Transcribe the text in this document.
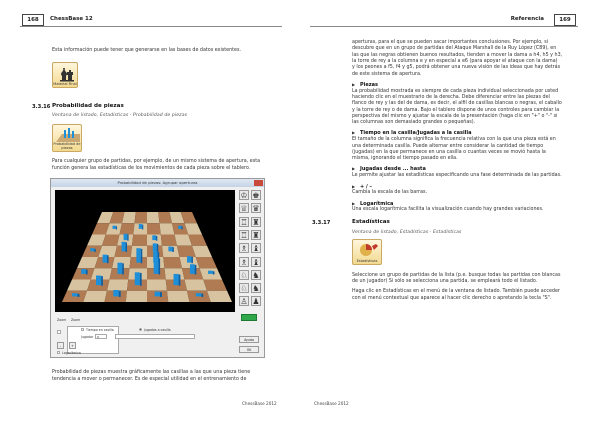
168	ChessBase 12
Esta información puede tener que generarse en las bases de datos existentes.
Material Final
3.3.16 Probabilidad de piezas
Ventana de listado, Estadísticas · Probabilidad de piezas
Probabilidad de piezas
Para cualquier grupo de partidas, por ejemplo, de un mismo sistema de apertura, esta
función genera las estadísticas de los movimientos de cada pieza sobre el tablero.
Probabilidad de piezas: Agrupar aperturas
♔ ♚
♕ ♛
♖ ♜
♖ ♜
♗ ♝
♗ ♝
♘ ♞
♘ ♞
♙ ♟
Zoom Zoom
Tiempo en casilla	Jugadas a casilla
Jugador	0
–	+
Logarítmica
Ayuda
OK
Probabilidad de piezas muestra gráficamente las casillas a las que una pieza tiene
tendencia a mover o permanecer. Es de especial utilidad en el entrenamiento de
ChessBase 2012
Referencia	169
aperturas, para el que se pueden sacar importantes conclusiones. Por ejemplo, si
descubre que en un grupo de partidas del Ataque Marshall de la Ruy López (C89), en
las que las negras obtienen buenos resultados, tienden a mover la dama a h4, h5 y h3,
la torre de rey a la columna e y en especial a e6 (para apoyar el ataque con la dama)
y los peones a f5, f4 y g5, podrá obtener una nueva visión de las ideas que hay detrás
de este sistema de apertura.
▶ Piezas
La probabilidad mostrada es siempre de cada pieza individual seleccionada por usted
haciendo clic en el muestrario de la derecha. Debe diferenciar entre las piezas del
flanco de rey y las del de dama, es decir, el alfil de casillas blancas o negras, el caballo
y la torre de rey o de dama. Bajo el tablero dispone de unos controles para cambiar la
perspectiva del mismo y ajustar la escala de la presentación (haga clic en "+" o "-" si
las columnas son demasiado grandes o pequeñas).
▶ Tiempo en la casilla/Jugadas a la casilla
El tamaño de la columna significa la frecuencia relativa con la que una pieza está en
una determinada casilla. Puede alternar entre considerar la cantidad de tiempo
(jugadas) en la que permanece en una casilla o cuantas veces se movió hasta la
misma, ignorando el tiempo pasado en ella.
▶ Jugadas desde ... hasta
Le permite ajustar las estadísticas especificando una fase determinada de las partidas.
▶ + / –
Cambia la escala de las barras.
▶ Logarítmica
Una escala logarítmica facilita la visualización cuando hay grandes variaciones.
3.3.17	Estadísticas
Ventana de listado, Estadísticas · Estadísticas
Estadísticas
Seleccione un grupo de partidas de la lista (p.e. busque todas las partidas con blancas
de un jugador) Si sólo se selecciona una partida, se empleará todo el listado.
Haga clic en Estadísticas en el menú de la ventana de listado. También puede acceder
con el menú contextual que aparece al hacer clic derecho o apretando la tecla "S".
ChessBase 2012
